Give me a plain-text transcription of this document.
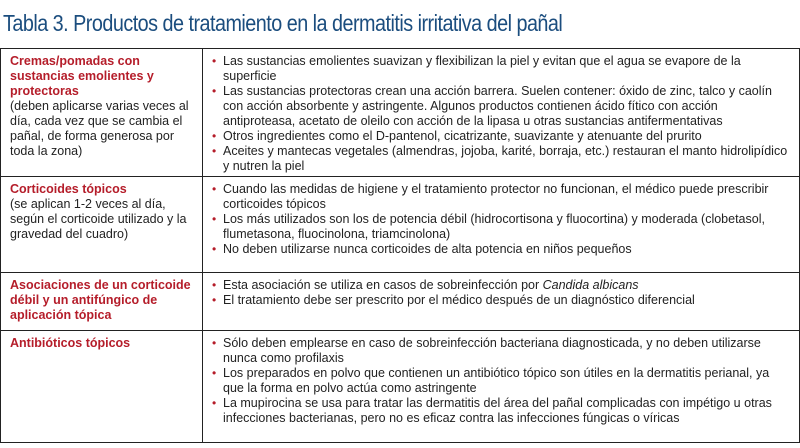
Tabla 3. Productos de tratamiento en la dermatitis irritativa del pañal
Cremas/pomadas con sustancias emolientes y protectoras
(deben aplicarse varias veces al día, cada vez que se cambia el pañal, de forma generosa por toda la zona)
• Las sustancias emolientes suavizan y flexibilizan la piel y evitan que el agua se evapore de la superficie
• Las sustancias protectoras crean una acción barrera. Suelen contener: óxido de zinc, talco y caolín con acción absorbente y astringente. Algunos productos contienen ácido fítico con acción antiproteasa, acetato de oleilo con acción de la lipasa u otras sustancias antifermentativas
• Otros ingredientes como el D-pantenol, cicatrizante, suavizante y atenuante del prurito
• Aceites y mantecas vegetales (almendras, jojoba, karité, borraja, etc.) restauran el manto hidrolipídico y nutren la piel
Corticoides tópicos
(se aplican 1-2 veces al día, según el corticoide utilizado y la gravedad del cuadro)
• Cuando las medidas de higiene y el tratamiento protector no funcionan, el médico puede prescribir corticoides tópicos
• Los más utilizados son los de potencia débil (hidrocortisona y fluocortina) y moderada (clobetasol, flumetasona, fluocinolona, triamcinolona)
• No deben utilizarse nunca corticoides de alta potencia en niños pequeños
Asociaciones de un corticoide débil y un antifúngico de aplicación tópica
• Esta asociación se utiliza en casos de sobreinfección por Candida albicans
• El tratamiento debe ser prescrito por el médico después de un diagnóstico diferencial
Antibióticos tópicos	• Sólo deben emplearse en caso de sobreinfección bacteriana diagnosticada, y no deben utilizarse nunca como profilaxis
• Los preparados en polvo que contienen un antibiótico tópico son útiles en la dermatitis perianal, ya que la forma en polvo actúa como astringente
• La mupirocina se usa para tratar las dermatitis del área del pañal complicadas con impétigo u otras infecciones bacterianas, pero no es eficaz contra las infecciones fúngicas o víricas
